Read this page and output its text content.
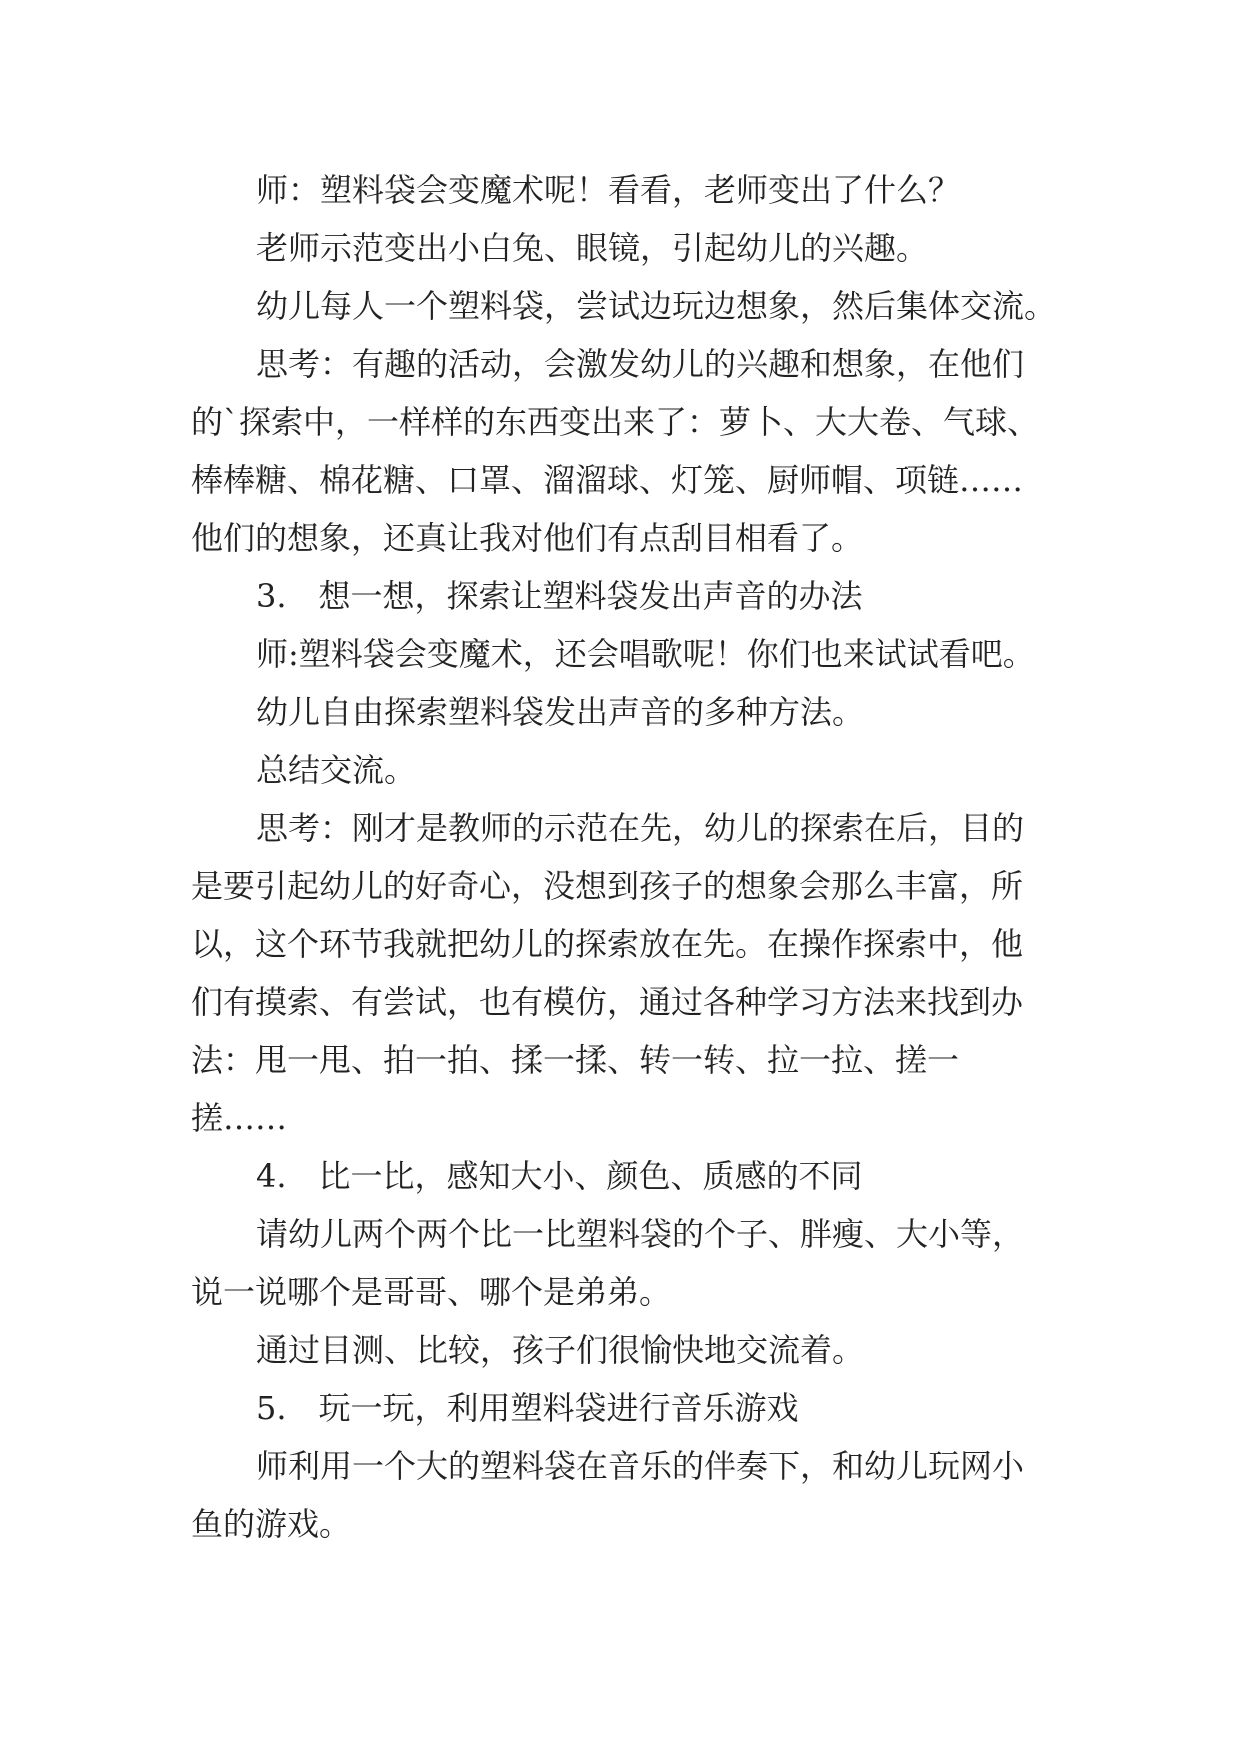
师：塑料袋会变魔术呢！看看，老师变出了什么？
老师示范变出小白兔、眼镜，引起幼儿的兴趣。
幼儿每人一个塑料袋，尝试边玩边想象，然后集体交流。
思考：有趣的活动，会激发幼儿的兴趣和想象，在他们
的`探索中，一样样的东西变出来了：萝卜、大大卷、气球、
棒棒糖、棉花糖、口罩、溜溜球、灯笼、厨师帽、项链……
他们的想象，还真让我对他们有点刮目相看了。
3.　想一想，探索让塑料袋发出声音的办法
师:塑料袋会变魔术，还会唱歌呢！你们也来试试看吧。
幼儿自由探索塑料袋发出声音的多种方法。
总结交流。
思考：刚才是教师的示范在先，幼儿的探索在后，目的
是要引起幼儿的好奇心，没想到孩子的想象会那么丰富，所
以，这个环节我就把幼儿的探索放在先。在操作探索中，他
们有摸索、有尝试，也有模仿，通过各种学习方法来找到办
法：甩一甩、拍一拍、揉一揉、转一转、拉一拉、搓一
搓……
4.　比一比，感知大小、颜色、质感的不同
请幼儿两个两个比一比塑料袋的个子、胖瘦、大小等，
说一说哪个是哥哥、哪个是弟弟。
通过目测、比较，孩子们很愉快地交流着。
5.　玩一玩，利用塑料袋进行音乐游戏
师利用一个大的塑料袋在音乐的伴奏下，和幼儿玩网小
鱼的游戏。
